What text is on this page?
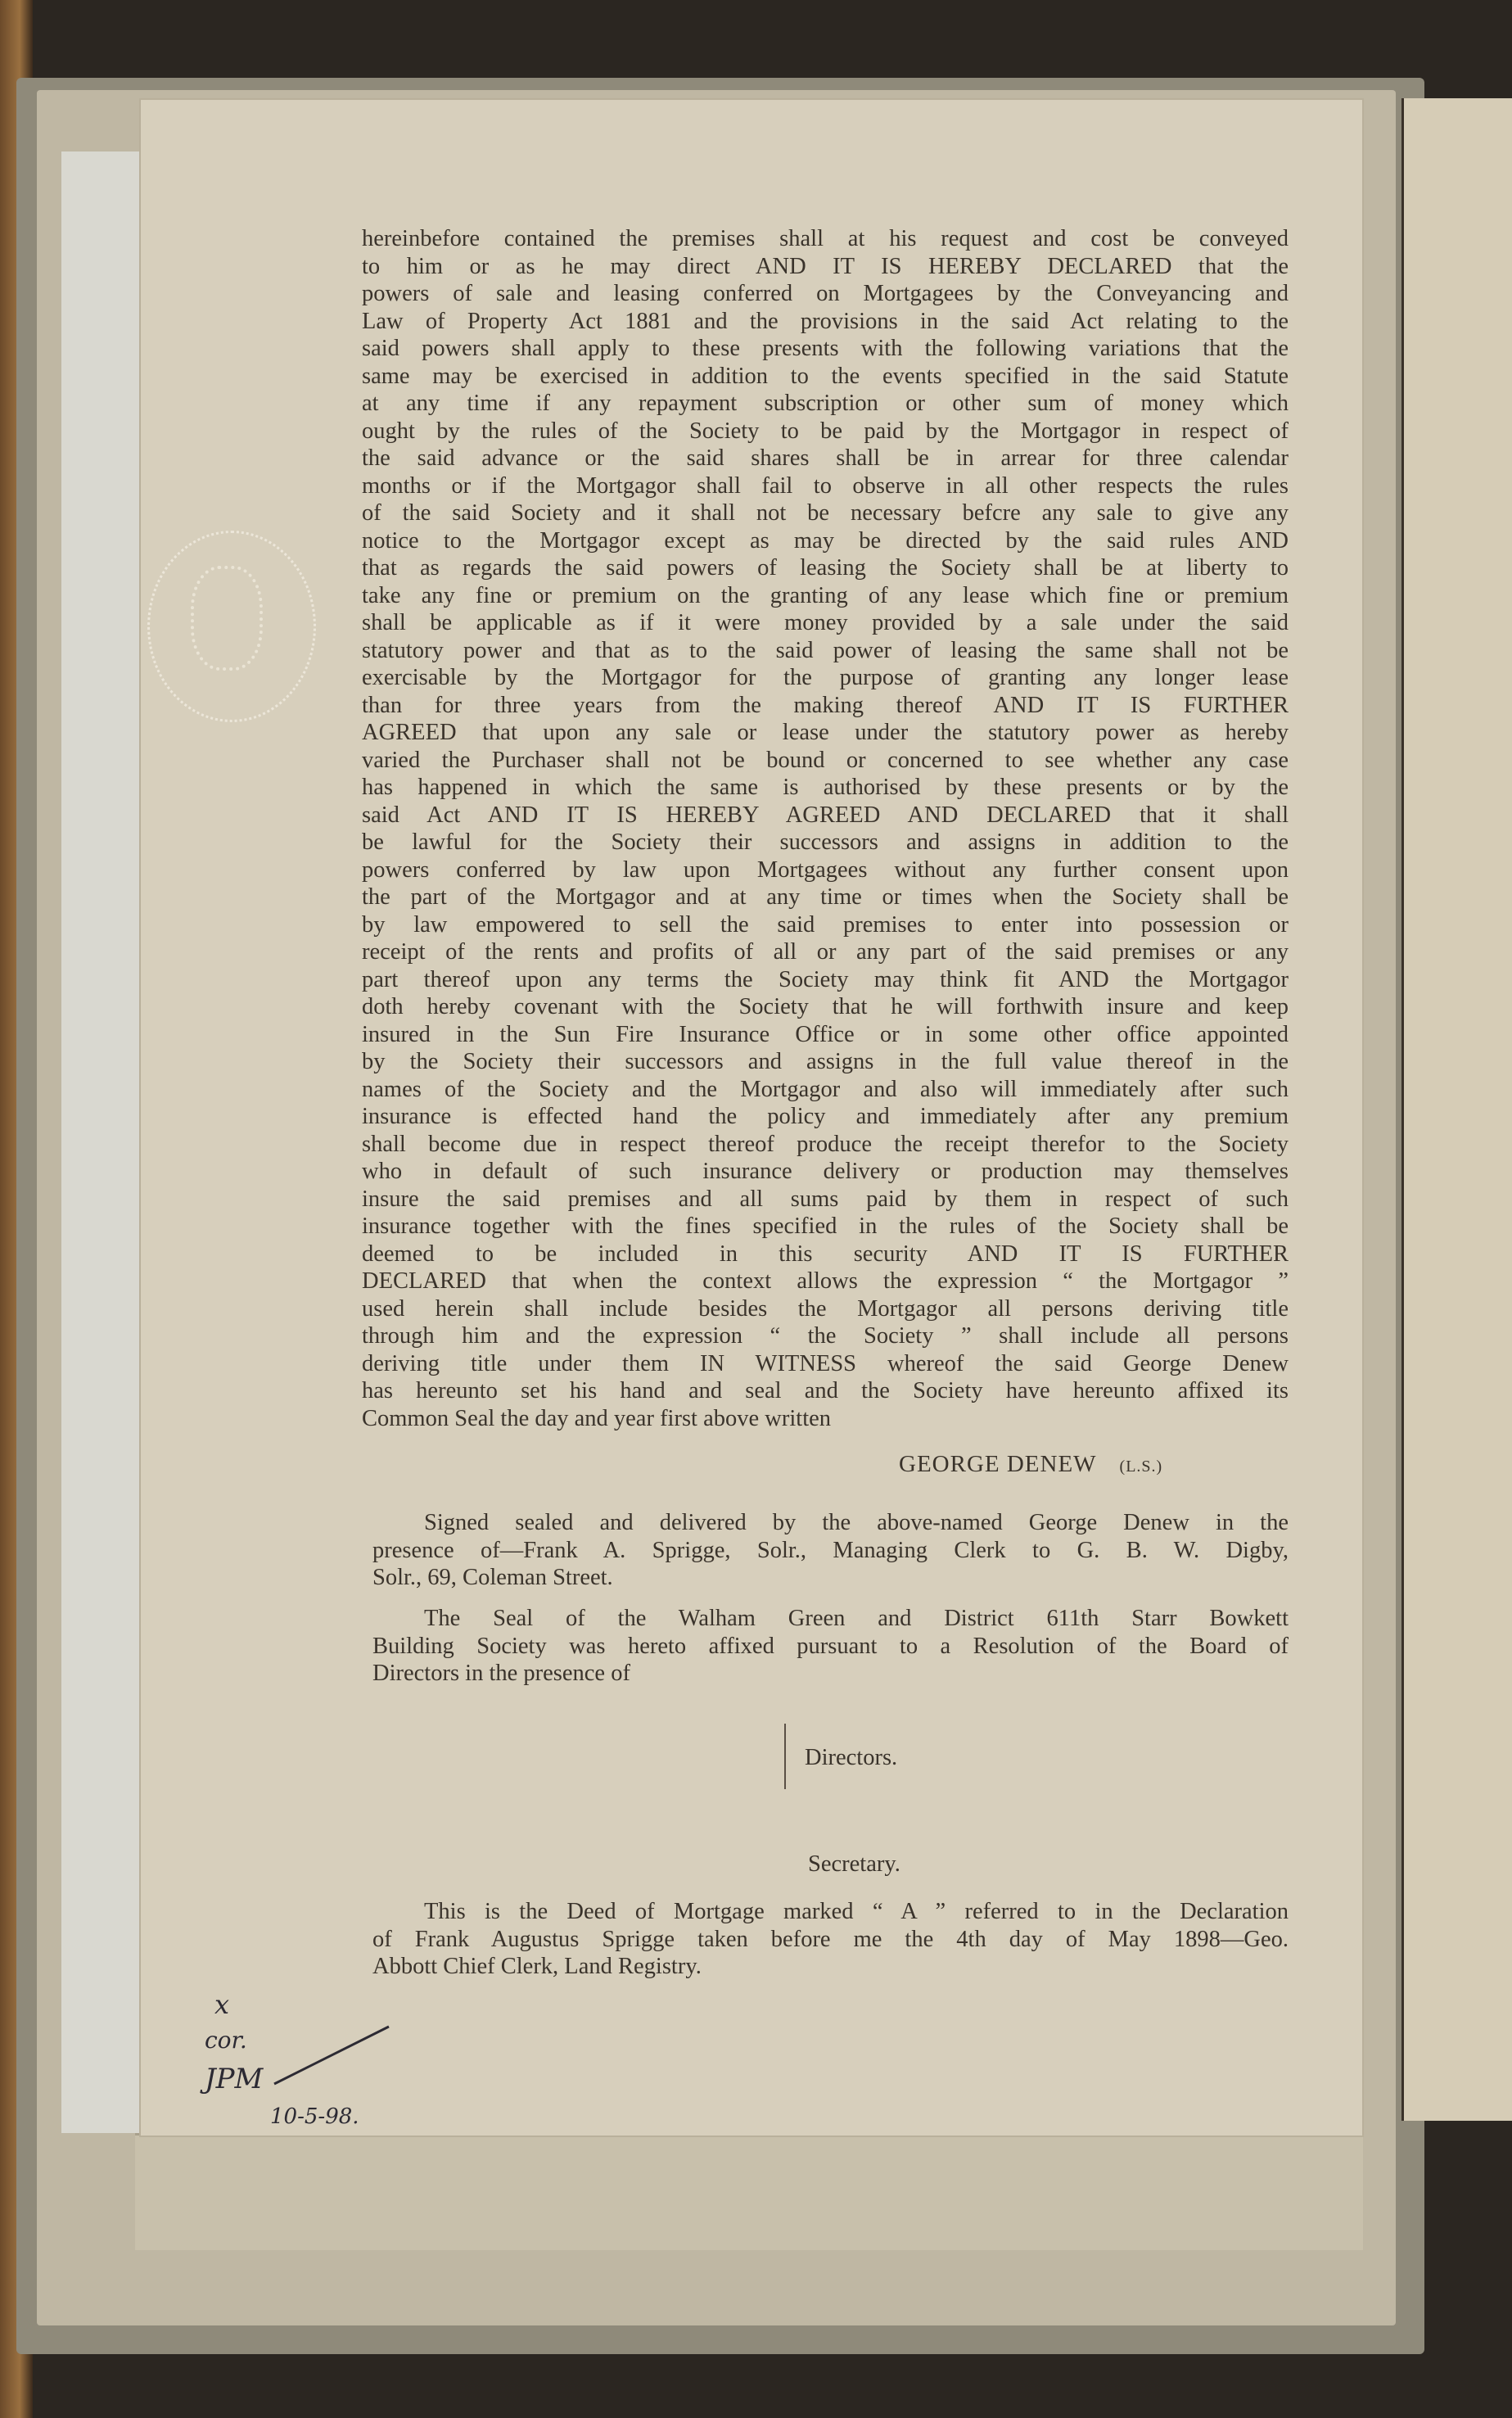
hereinbefore contained the premises shall at his request and cost be conveyed
to him or as he may direct AND IT IS HEREBY DECLARED that the
powers of sale and leasing conferred on Mortgagees by the Conveyancing and
Law of Property Act 1881 and the provisions in the said Act relating to the
said powers shall apply to these presents with the following variations that the
same may be exercised in addition to the events specified in the said Statute
at any time if any repayment subscription or other sum of money which
ought by the rules of the Society to be paid by the Mortgagor in respect of
the said advance or the said shares shall be in arrear for three calendar
months or if the Mortgagor shall fail to observe in all other respects the rules
of the said Society and it shall not be necessary befcre any sale to give any
notice to the Mortgagor except as may be directed by the said rules AND
that as regards the said powers of leasing the Society shall be at liberty to
take any fine or premium on the granting of any lease which fine or premium
shall be applicable as if it were money provided by a sale under the said
statutory power and that as to the said power of leasing the same shall not be
exercisable by the Mortgagor for the purpose of granting any longer lease
than for three years from the making thereof AND IT IS FURTHER
AGREED that upon any sale or lease under the statutory power as hereby
varied the Purchaser shall not be bound or concerned to see whether any case
has happened in which the same is authorised by these presents or by the
said Act AND IT IS HEREBY AGREED AND DECLARED that it shall
be lawful for the Society their successors and assigns in addition to the
powers conferred by law upon Mortgagees without any further consent upon
the part of the Mortgagor and at any time or times when the Society shall be
by law empowered to sell the said premises to enter into possession or
receipt of the rents and profits of all or any part of the said premises or any
part thereof upon any terms the Society may think fit AND the Mortgagor
doth hereby covenant with the Society that he will forthwith insure and keep
insured in the Sun Fire Insurance Office or in some other office appointed
by the Society their successors and assigns in the full value thereof in the
names of the Society and the Mortgagor and also will immediately after such
insurance is effected hand the policy and immediately after any premium
shall become due in respect thereof produce the receipt therefor to the Society
who in default of such insurance delivery or production may themselves
insure the said premises and all sums paid by them in respect of such
insurance together with the fines specified in the rules of the Society shall be
deemed to be included in this security AND IT IS FURTHER
DECLARED that when the context allows the expression “ the Mortgagor ”
used herein shall include besides the Mortgagor all persons deriving title
through him and the expression “ the Society ” shall include all persons
deriving title under them IN WITNESS whereof the said George Denew
has hereunto set his hand and seal and the Society have hereunto affixed its
Common Seal the day and year first above written
GEORGE DENEW (L.S.)
Signed sealed and delivered by the above-named George Denew in the
presence of—Frank A. Sprigge, Solr., Managing Clerk to G. B. W. Digby,
Solr., 69, Coleman Street.
The Seal of the Walham Green and District 611th Starr Bowkett
Building Society was hereto affixed pursuant to a Resolution of the Board of
Directors in the presence of
Directors.
Secretary.
This is the Deed of Mortgage marked “ A ” referred to in the Declaration
of Frank Augustus Sprigge taken before me the 4th day of May 1898—Geo.
Abbott Chief Clerk, Land Registry.
x
cor.
JPM
10-5-98.
